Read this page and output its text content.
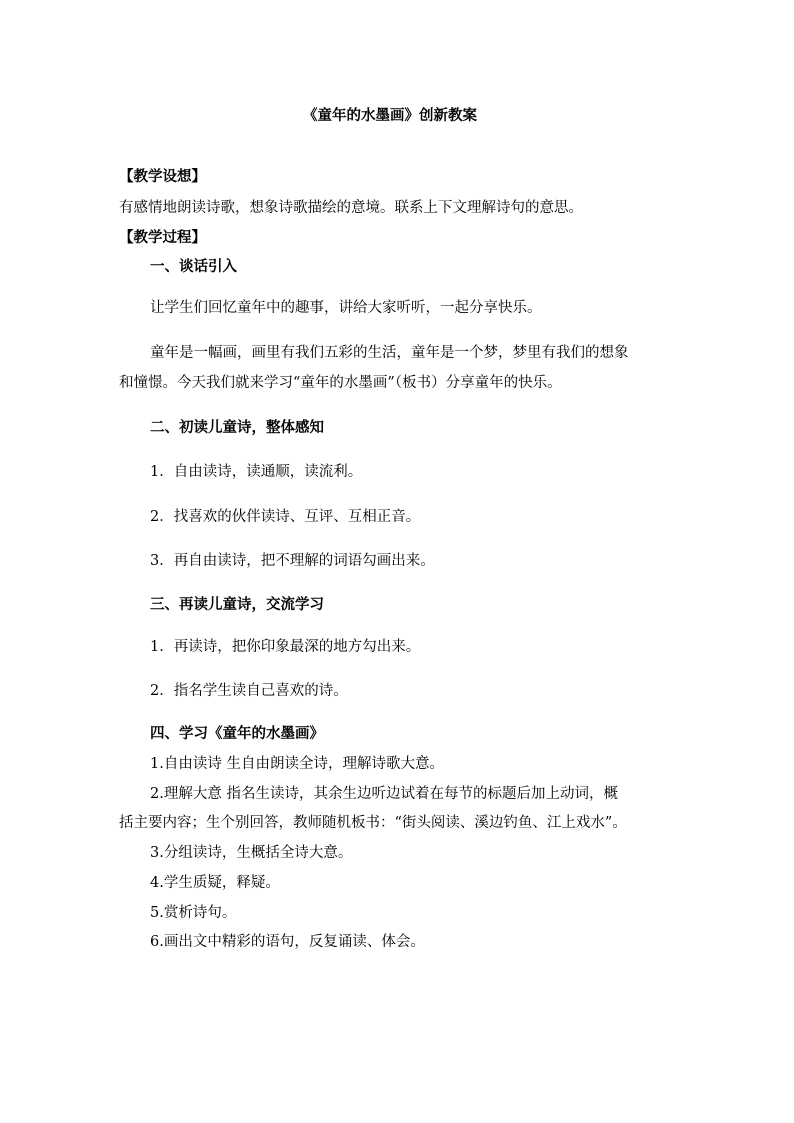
《童年的水墨画》创新教案
【教学设想】
有感情地朗读诗歌，想象诗歌描绘的意境。联系上下文理解诗句的意思。
【教学过程】
一、谈话引入
让学生们回忆童年中的趣事，讲给大家听听，一起分享快乐。
童年是一幅画，画里有我们五彩的生活，童年是一个梦，梦里有我们的想象
和憧憬。今天我们就来学习“童年的水墨画”（板书）分享童年的快乐。
二、初读儿童诗，整体感知
1．自由读诗，读通顺，读流利。
2．找喜欢的伙伴读诗、互评、互相正音。
3．再自由读诗，把不理解的词语勾画出来。
三、再读儿童诗，交流学习
1．再读诗，把你印象最深的地方勾出来。
2．指名学生读自己喜欢的诗。
四、学习《童年的水墨画》
1.自由读诗 生自由朗读全诗，理解诗歌大意。
2.理解大意 指名生读诗，其余生边听边试着在每节的标题后加上动词，概
括主要内容；生个别回答，教师随机板书：“街头阅读、溪边钓鱼、江上戏水”。
3.分组读诗，生概括全诗大意。
4.学生质疑，释疑。
5.赏析诗句。
6.画出文中精彩的语句，反复诵读、体会。
